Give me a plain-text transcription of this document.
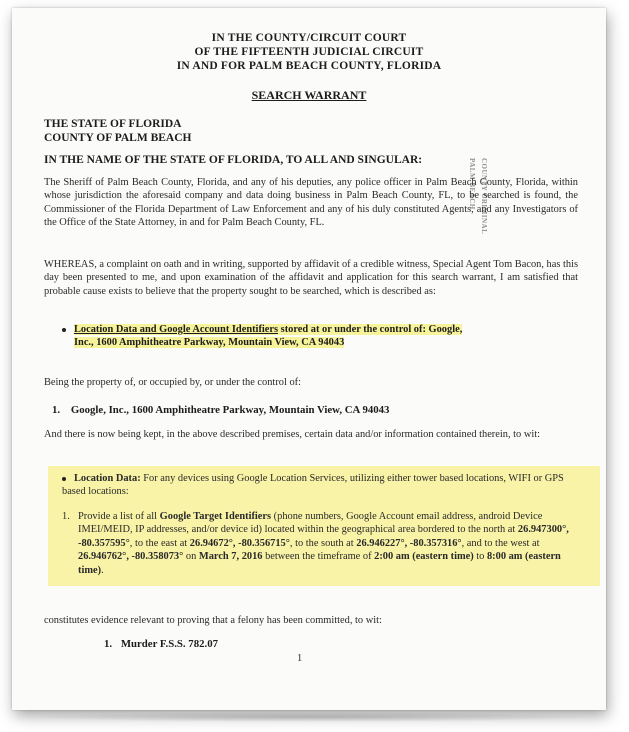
IN THE COUNTY/CIRCUIT COURT
OF THE FIFTEENTH JUDICIAL CIRCUIT
IN AND FOR PALM BEACH COUNTY, FLORIDA
SEARCH WARRANT
THE STATE OF FLORIDA
COUNTY OF PALM BEACH
IN THE NAME OF THE STATE OF FLORIDA, TO ALL AND SINGULAR:
The Sheriff of Palm Beach County, Florida, and any of his deputies, any police officer in Palm Beach County, Florida, within whose jurisdiction the aforesaid company and data doing business in Palm Beach County, FL, to be searched is found, the Commissioner of the Florida Department of Law Enforcement and any of his duly constituted Agents, and any Investigators of the Office of the State Attorney, in and for Palm Beach County, FL.
WHEREAS, a complaint on oath and in writing, supported by affidavit of a credible witness, Special Agent Tom Bacon, has this day been presented to me, and upon examination of the affidavit and application for this search warrant, I am satisfied that probable cause exists to believe that the property sought to be searched, which is described as:
Location Data and Google Account Identifiers stored at or under the control of: Google,
Inc., 1600 Amphitheatre Parkway, Mountain View, CA 94043
Being the property of, or occupied by, or under the control of:
1. Google, Inc., 1600 Amphitheatre Parkway, Mountain View, CA 94043
And there is now being kept, in the above described premises, certain data and/or information contained therein, to wit:
Location Data: For any devices using Google Location Services, utilizing either tower based locations, WIFI or GPS based locations:
1. Provide a list of all Google Target Identifiers (phone numbers, Google Account email address, android Device IMEI/MEID, IP addresses, and/or device id) located within the geographical area bordered to the north at 26.947300°, -80.357595°, to the east at 26.94672°, -80.356715°, to the south at 26.946227°, -80.357316°, and to the west at 26.946762°, -80.358073° on March 7, 2016 between the timeframe of 2:00 am (eastern time) to 8:00 am (eastern time).
constitutes evidence relevant to proving that a felony has been committed, to wit:
1. Murder F.S.S. 782.07
1
PALM BEACH COUNTY CRIMINAL
